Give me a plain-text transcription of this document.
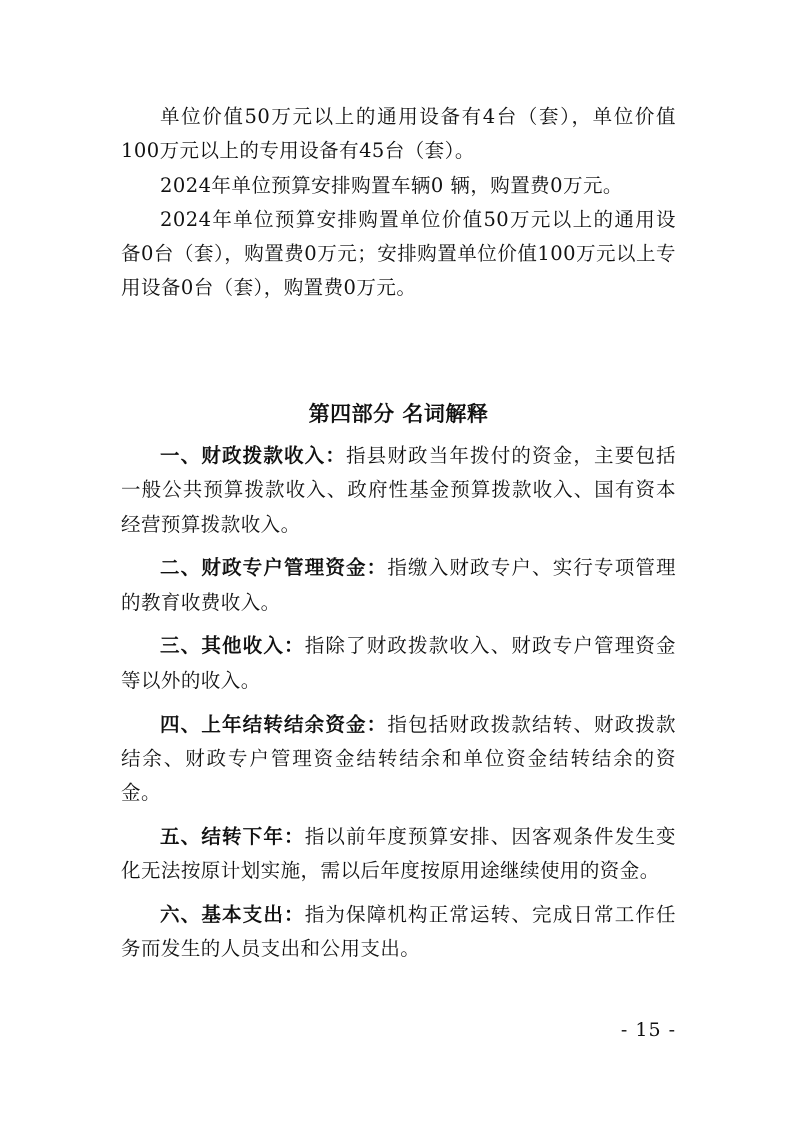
单位价值50万元以上的通用设备有4台（套），单位价值100万元以上的专用设备有45台（套）。

2024年单位预算安排购置车辆0 辆，购置费0万元。

2024年单位预算安排购置单位价值50万元以上的通用设备0台（套），购置费0万元；安排购置单位价值100万元以上专用设备0台（套），购置费0万元。

第四部分 名词解释

一、财政拨款收入：指县财政当年拨付的资金，主要包括一般公共预算拨款收入、政府性基金预算拨款收入、国有资本经营预算拨款收入。

二、财政专户管理资金：指缴入财政专户、实行专项管理的教育收费收入。

三、其他收入：指除了财政拨款收入、财政专户管理资金等以外的收入。

四、上年结转结余资金：指包括财政拨款结转、财政拨款结余、财政专户管理资金结转结余和单位资金结转结余的资金。

五、结转下年：指以前年度预算安排、因客观条件发生变化无法按原计划实施，需以后年度按原用途继续使用的资金。

六、基本支出：指为保障机构正常运转、完成日常工作任务而发生的人员支出和公用支出。

- 15 -
